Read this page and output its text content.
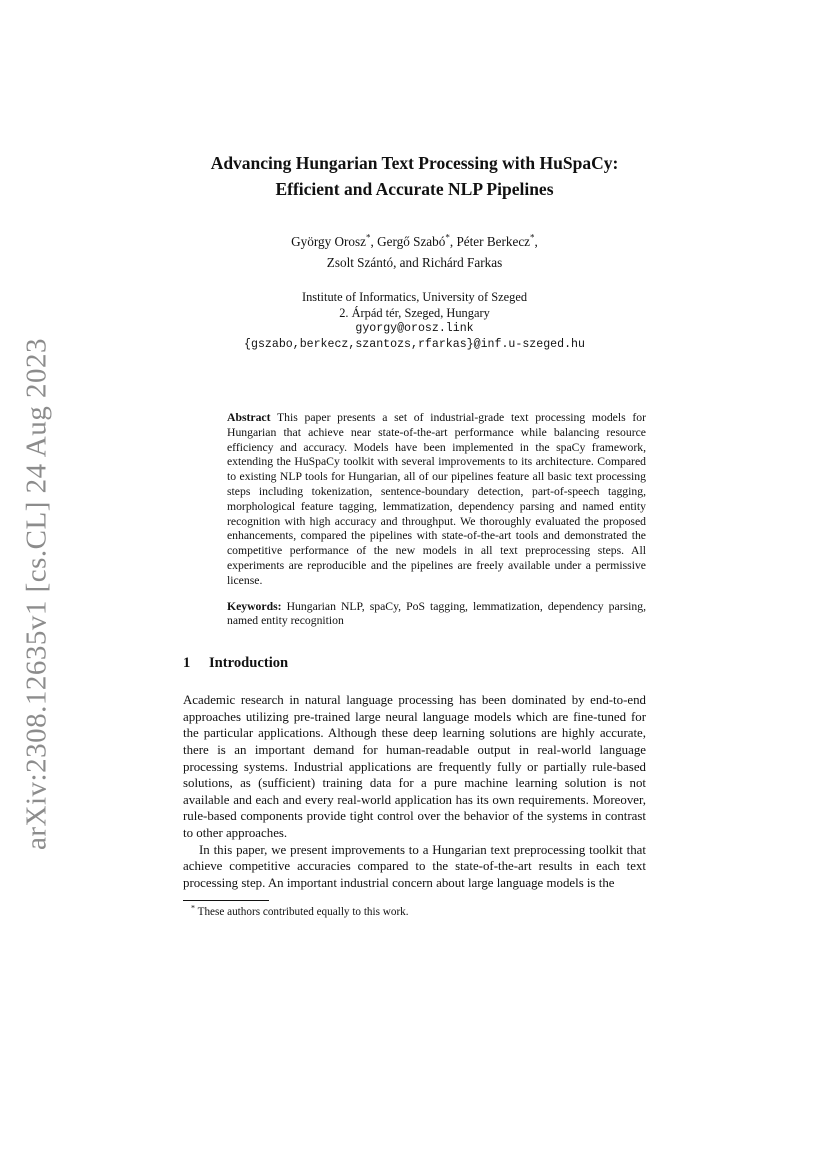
arXiv:2308.12635v1 [cs.CL] 24 Aug 2023
Advancing Hungarian Text Processing with HuSpaCy:
Efficient and Accurate NLP Pipelines
György Orosz*, Gergő Szabó*, Péter Berkecz*,
Zsolt Szántó, and Richárd Farkas
Institute of Informatics, University of Szeged
2. Árpád tér, Szeged, Hungary
gyorgy@orosz.link
{gszabo,berkecz,szantozs,rfarkas}@inf.u-szeged.hu
Abstract This paper presents a set of industrial-grade text processing models for Hungarian that achieve near state-of-the-art performance while balancing resource efficiency and accuracy. Models have been implemented in the spaCy framework, extending the HuSpaCy toolkit with several improvements to its architecture. Compared to existing NLP tools for Hungarian, all of our pipelines feature all basic text processing steps including tokenization, sentence-boundary detection, part-of-speech tagging, morphological feature tagging, lemmatization, dependency parsing and named entity recognition with high accuracy and throughput. We thoroughly evaluated the proposed enhancements, compared the pipelines with state-of-the-art tools and demonstrated the competitive performance of the new models in all text preprocessing steps. All experiments are reproducible and the pipelines are freely available under a permissive license.
Keywords: Hungarian NLP, spaCy, PoS tagging, lemmatization, dependency parsing, named entity recognition
1 Introduction

Academic research in natural language processing has been dominated by end-to-end approaches utilizing pre-trained large neural language models which are fine-tuned for the particular applications. Although these deep learning solutions are highly accurate, there is an important demand for human-readable output in real-world language processing systems. Industrial applications are frequently fully or partially rule-based solutions, as (sufficient) training data for a pure machine learning solution is not available and each and every real-world application has its own requirements. Moreover, rule-based components provide tight control over the behavior of the systems in contrast to other approaches.

In this paper, we present improvements to a Hungarian text preprocessing toolkit that achieve competitive accuracies compared to the state-of-the-art results in each text processing step. An important industrial concern about large language models is the

* These authors contributed equally to this work.
